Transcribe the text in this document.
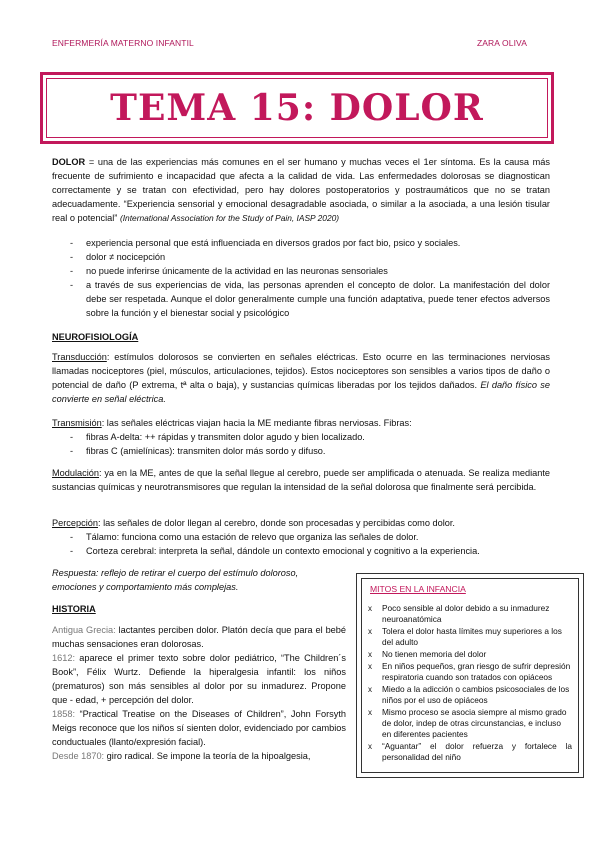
ENFERMERÍA MATERNO INFANTIL	ZARA OLIVA
TEMA 15: DOLOR
DOLOR = una de las experiencias más comunes en el ser humano y muchas veces el 1er síntoma. Es la causa más frecuente de sufrimiento e incapacidad que afecta a la calidad de vida. Las enfermedades dolorosas se diagnostican correctamente y se tratan con efectividad, pero hay dolores postoperatorios y postraumáticos que no se tratan adecuadamente. “Experiencia sensorial y emocional desagradable asociada, o similar a la asociada, a una lesión tisular real o potencial” (International Association for the Study of Pain, IASP 2020)
- experiencia personal que está influenciada en diversos grados por fact bio, psico y sociales.
- dolor ≠ nocicepción
- no puede inferirse únicamente de la actividad en las neuronas sensoriales
- a través de sus experiencias de vida, las personas aprenden el concepto de dolor. La manifestación del dolor debe ser respetada. Aunque el dolor generalmente cumple una función adaptativa, puede tener efectos adversos sobre la función y el bienestar social y psicológico
NEUROFISIOLOGÍA
Transducción: estímulos dolorosos se convierten en señales eléctricas. Esto ocurre en las terminaciones nerviosas llamadas nociceptores (piel, músculos, articulaciones, tejidos). Estos nociceptores son sensibles a varios tipos de daño o potencial de daño (P extrema, tª alta o baja), y sustancias químicas liberadas por los tejidos dañados. El daño físico se convierte en señal eléctrica.
Transmisión: las señales eléctricas viajan hacia la ME mediante fibras nerviosas. Fibras:
- fibras A-delta: ++ rápidas y transmiten dolor agudo y bien localizado.
- fibras C (amielínicas): transmiten dolor más sordo y difuso.
Modulación: ya en la ME, antes de que la señal llegue al cerebro, puede ser amplificada o atenuada. Se realiza mediante sustancias químicas y neurotransmisores que regulan la intensidad de la señal dolorosa que finalmente será percibida.
Percepción: las señales de dolor llegan al cerebro, donde son procesadas y percibidas como dolor.
- Tálamo: funciona como una estación de relevo que organiza las señales de dolor.
- Corteza cerebral: interpreta la señal, dándole un contexto emocional y cognitivo a la experiencia.
Respuesta: reflejo de retirar el cuerpo del estímulo doloroso, emociones y comportamiento más complejas.
HISTORIA
Antigua Grecia: lactantes perciben dolor. Platón decía que para el bebé muchas sensaciones eran dolorosas.
1612: aparece el primer texto sobre dolor pediátrico, “The Children´s Book”, Félix Wurtz. Defiende la hiperalgesia infantil: los niños (prematuros) son más sensibles al dolor por su inmadurez. Propone que - edad, + percepción del dolor.
1858: “Practical Treatise on the Diseases of Children”, John Forsyth Meigs reconoce que los niños sí sienten dolor, evidenciado por cambios conductuales (llanto/expresión facial).
Desde 1870: giro radical. Se impone la teoría de la hipoalgesia,
MITOS EN LA INFANCIA
x Poco sensible al dolor debido a su inmadurez neuroanatómica
x Tolera el dolor hasta límites muy superiores a los del adulto
x No tienen memoria del dolor
x En niños pequeños, gran riesgo de sufrir depresión respiratoria cuando son tratados con opiáceos
x Miedo a la adicción o cambios psicosociales de los niños por el uso de opiáceos
x Mismo proceso se asocia siempre al mismo grado de dolor, indep de otras circunstancias, e incluso en diferentes pacientes
x “Aguantar” el dolor refuerza y fortalece la personalidad del niño
